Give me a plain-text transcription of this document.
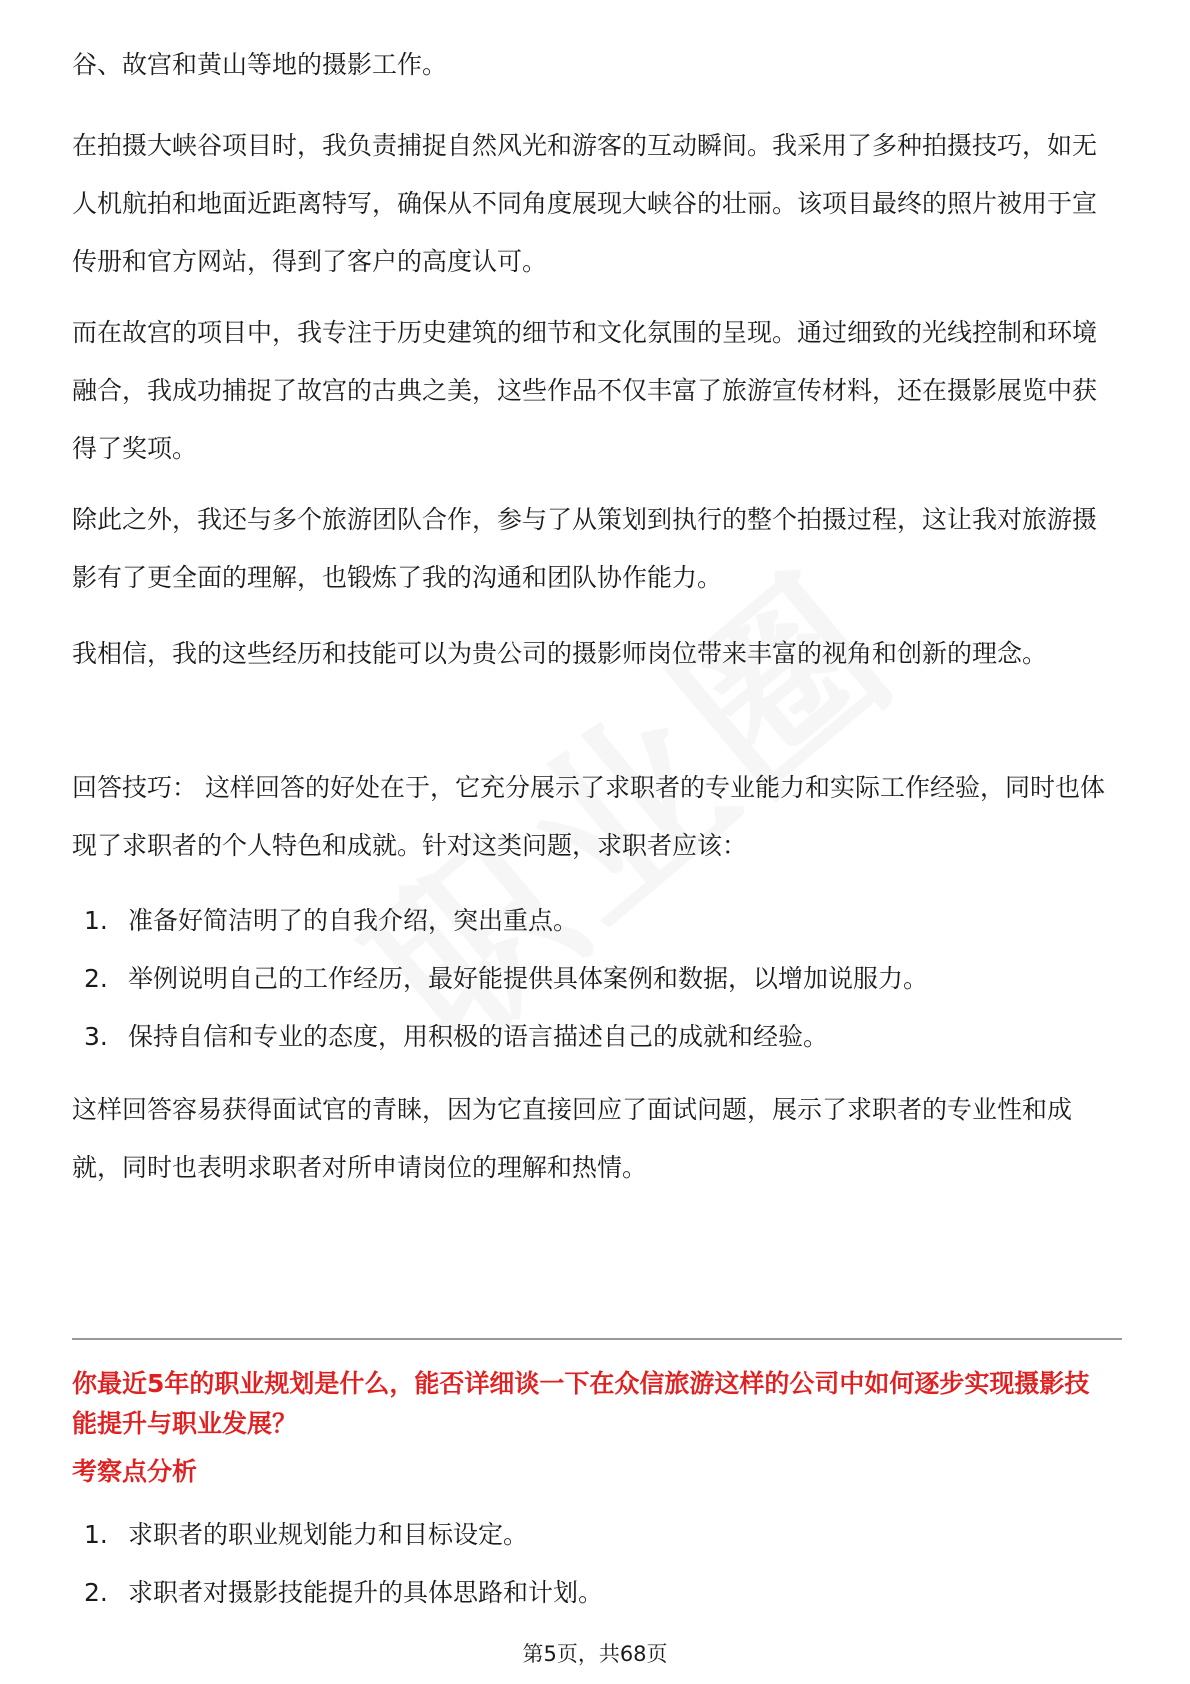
谷、故宫和黄山等地的摄影工作。

在拍摄大峡谷项目时，我负责捕捉自然风光和游客的互动瞬间。我采用了多种拍摄技巧，如无人机航拍和地面近距离特写，确保从不同角度展现大峡谷的壮丽。该项目最终的照片被用于宣传册和官方网站，得到了客户的高度认可。

而在故宫的项目中，我专注于历史建筑的细节和文化氛围的呈现。通过细致的光线控制和环境融合，我成功捕捉了故宫的古典之美，这些作品不仅丰富了旅游宣传材料，还在摄影展览中获得了奖项。

除此之外，我还与多个旅游团队合作，参与了从策划到执行的整个拍摄过程，这让我对旅游摄影有了更全面的理解，也锻炼了我的沟通和团队协作能力。

我相信，我的这些经历和技能可以为贵公司的摄影师岗位带来丰富的视角和创新的理念。

回答技巧： 这样回答的好处在于，它充分展示了求职者的专业能力和实际工作经验，同时也体现了求职者的个人特色和成就。针对这类问题，求职者应该：

1. 准备好简洁明了的自我介绍，突出重点。
2. 举例说明自己的工作经历，最好能提供具体案例和数据，以增加说服力。
3. 保持自信和专业的态度，用积极的语言描述自己的成就和经验。

这样回答容易获得面试官的青睐，因为它直接回应了面试问题，展示了求职者的专业性和成就，同时也表明求职者对所申请岗位的理解和热情。

你最近5年的职业规划是什么，能否详细谈一下在众信旅游这样的公司中如何逐步实现摄影技能提升与职业发展？
考察点分析
1. 求职者的职业规划能力和目标设定。
2. 求职者对摄影技能提升的具体思路和计划。
第5页，共68页
